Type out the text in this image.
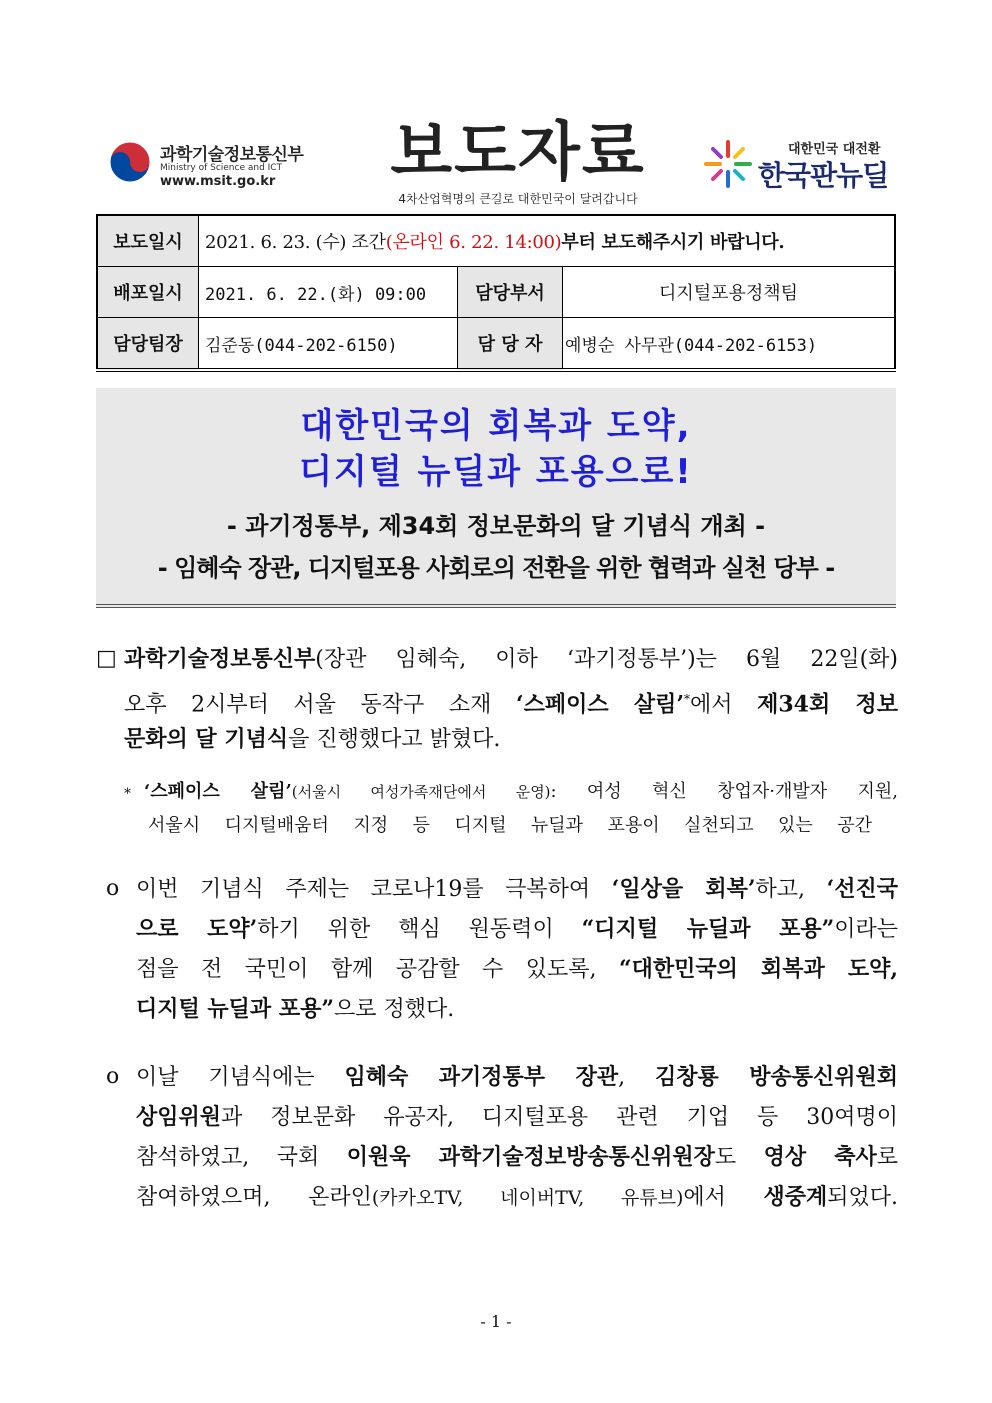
과학기술정보통신부
Ministry of Science and ICT
www.msit.go.kr 보도자료
4차산업혁명의 큰길로 대한민국이 달려갑니다
대한민국 대전환
한국판뉴딜
보도일시	2021. 6. 23. (수) 조간(온라인 6. 22. 14:00)부터 보도해주시기 바랍니다.		
배포일시	2021. 6. 22.(화) 09:00	담당부서	디지털포용정책팀
담당팀장	김준동(044-202-6150)	담 당 자	예병순 사무관(044-202-6153)
대한민국의 회복과 도약,
디지털 뉴딜과 포용으로!
- 과기정통부, 제34회 정보문화의 달 기념식 개최 -
- 임혜숙 장관, 디지털포용 사회로의 전환을 위한 협력과 실천 당부 -
□ 과학기술정보통신부(장관 임혜숙, 이하 ‘과기정통부’)는 6월 22일(화)
오후 2시부터 서울 동작구 소재 ‘스페이스 살림’*에서 제34회 정보
문화의 달 기념식을 진행했다고 밝혔다.
* ‘스페이스 살림’(서울시 여성가족재단에서 운영): 여성 혁신 창업자·개발자 지원,
서울시 디지털배움터 지정 등 디지털 뉴딜과 포용이 실천되고 있는 공간
o 이번 기념식 주제는 코로나19를 극복하여 ‘일상을 회복’하고, ‘선진국
으로 도약’하기 위한 핵심 원동력이 “디지털 뉴딜과 포용”이라는
점을 전 국민이 함께 공감할 수 있도록, “대한민국의 회복과 도약,
디지털 뉴딜과 포용”으로 정했다.
o 이날 기념식에는 임혜숙 과기정통부 장관, 김창룡 방송통신위원회
상임위원과 정보문화 유공자, 디지털포용 관련 기업 등 30여명이
참석하였고, 국회 이원욱 과학기술정보방송통신위원장도 영상 축사로
참여하였으며, 온라인(카카오TV, 네이버TV, 유튜브)에서 생중계되었다.
- 1 -
